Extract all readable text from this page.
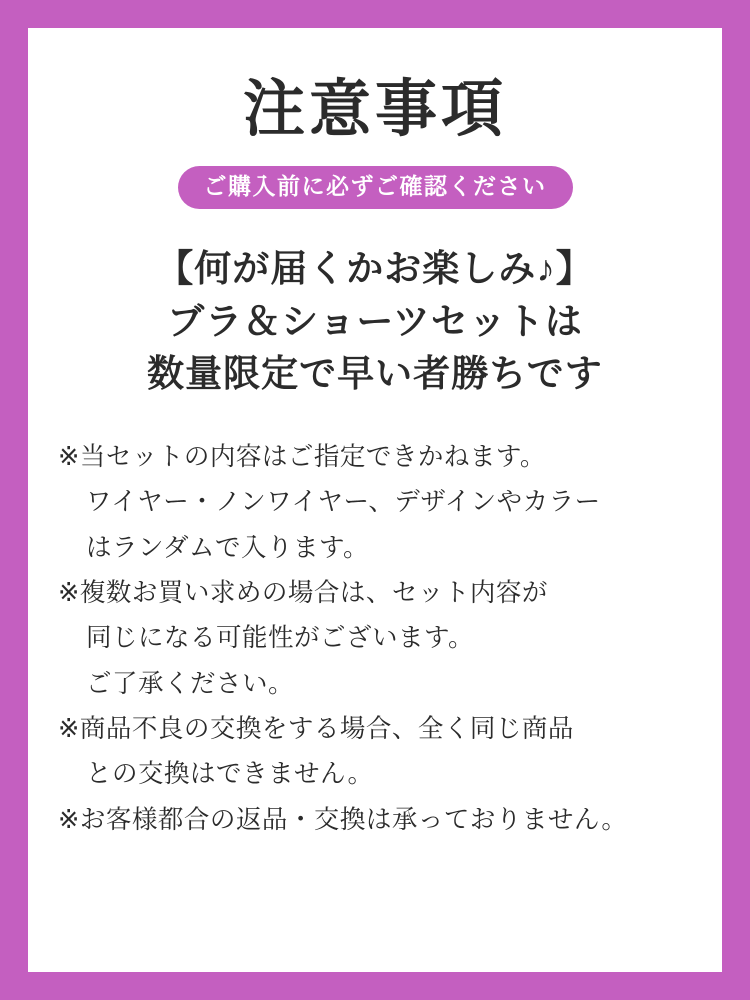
注意事項
ご購入前に必ずご確認ください
【何が届くかお楽しみ♪】
ブラ＆ショーツセットは
数量限定で早い者勝ちです
※当セットの内容はご指定できかねます。
ワイヤー・ノンワイヤー、デザインやカラー
はランダムで入ります。
※複数お買い求めの場合は、セット内容が
同じになる可能性がございます。
ご了承ください。
※商品不良の交換をする場合、全く同じ商品
との交換はできません。
※お客様都合の返品・交換は承っておりません。
